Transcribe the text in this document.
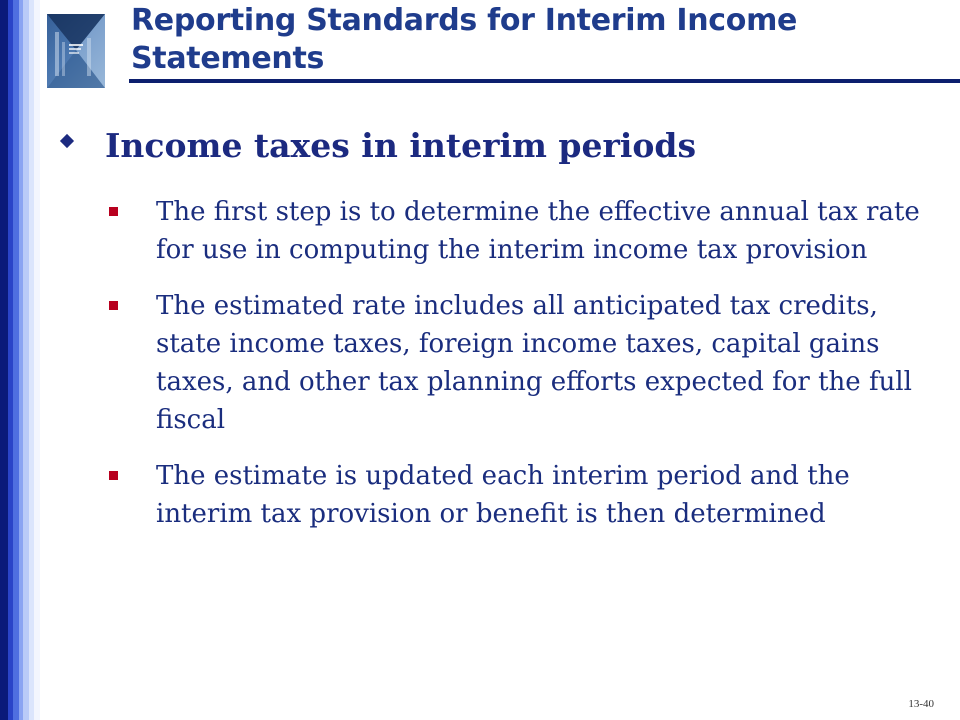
Reporting Standards for Interim Income Statements
Income taxes in interim periods
The first step is to determine the effective annual tax rate for use in computing the interim income tax provision
The estimated rate includes all anticipated tax credits, state income taxes, foreign income taxes, capital gains taxes, and other tax planning efforts expected for the full fiscal
The estimate is updated each interim period and the interim tax provision or benefit is then determined
13-40
